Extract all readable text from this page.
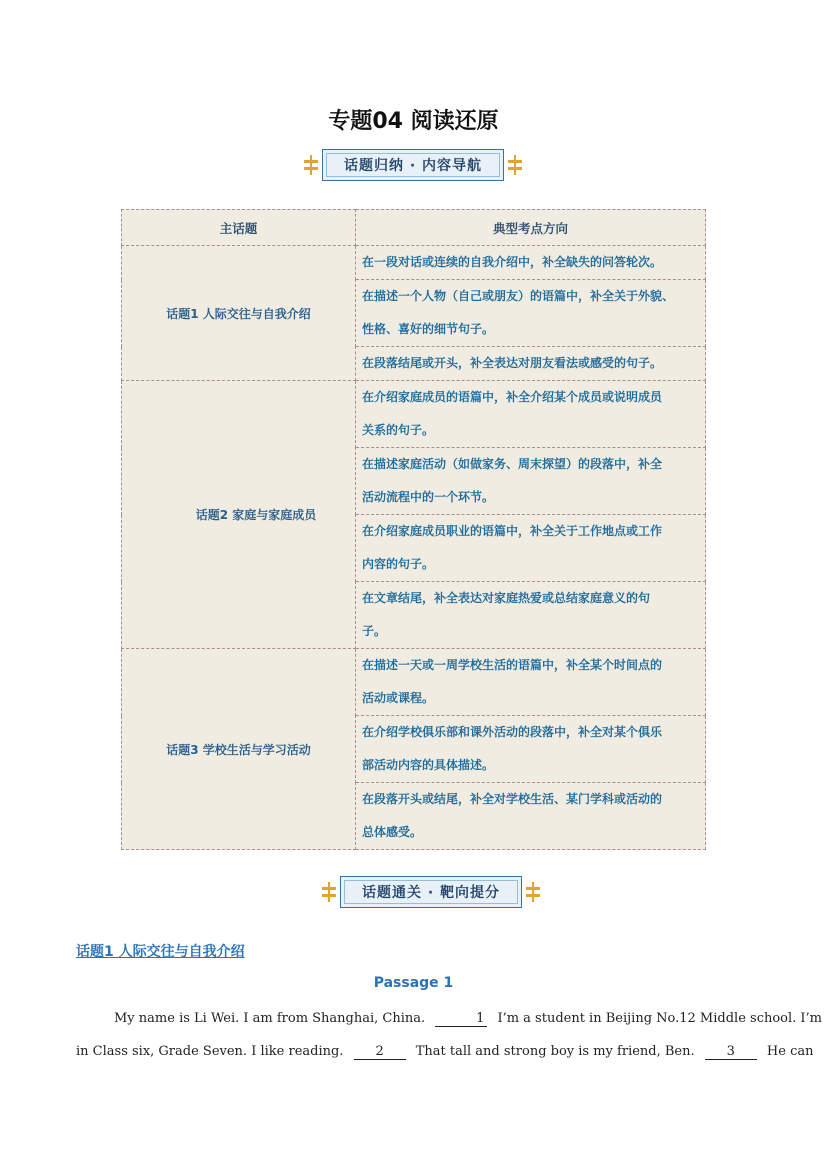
专题04 阅读还原
话题归纳 · 内容导航
主话题	典型考点方向
话题1 人际交往与自我介绍	在一段对话或连续的自我介绍中，补全缺失的问答轮次。

	在描述一个人物（自己或朋友）的语篇中，补全关于外貌、
性格、喜好的细节句子。

	在段落结尾或开头，补全表达对朋友看法或感受的句子。

话题2 家庭与家庭成员	在介绍家庭成员的语篇中，补全介绍某个成员或说明成员
关系的句子。

	在描述家庭活动（如做家务、周末探望）的段落中，补全
活动流程中的一个环节。

	在介绍家庭成员职业的语篇中，补全关于工作地点或工作
内容的句子。

	在文章结尾，补全表达对家庭热爱或总结家庭意义的句
子。

话题3 学校生活与学习活动	在描述一天或一周学校生活的语篇中，补全某个时间点的
活动或课程。

	在介绍学校俱乐部和课外活动的段落中，补全对某个俱乐
部活动内容的具体描述。

	在段落开头或结尾，补全对学校生活、某门学科或活动的
总体感受。
话题通关 · 靶向提分
话题1 人际交往与自我介绍
Passage 1
My name is Li Wei. I am from Shanghai, China.	1 I’m a student in Beijing No.12 Middle school. I’m
in Class six, Grade Seven. I like reading. 2 That tall and strong boy is my friend, Ben. 3 He can
